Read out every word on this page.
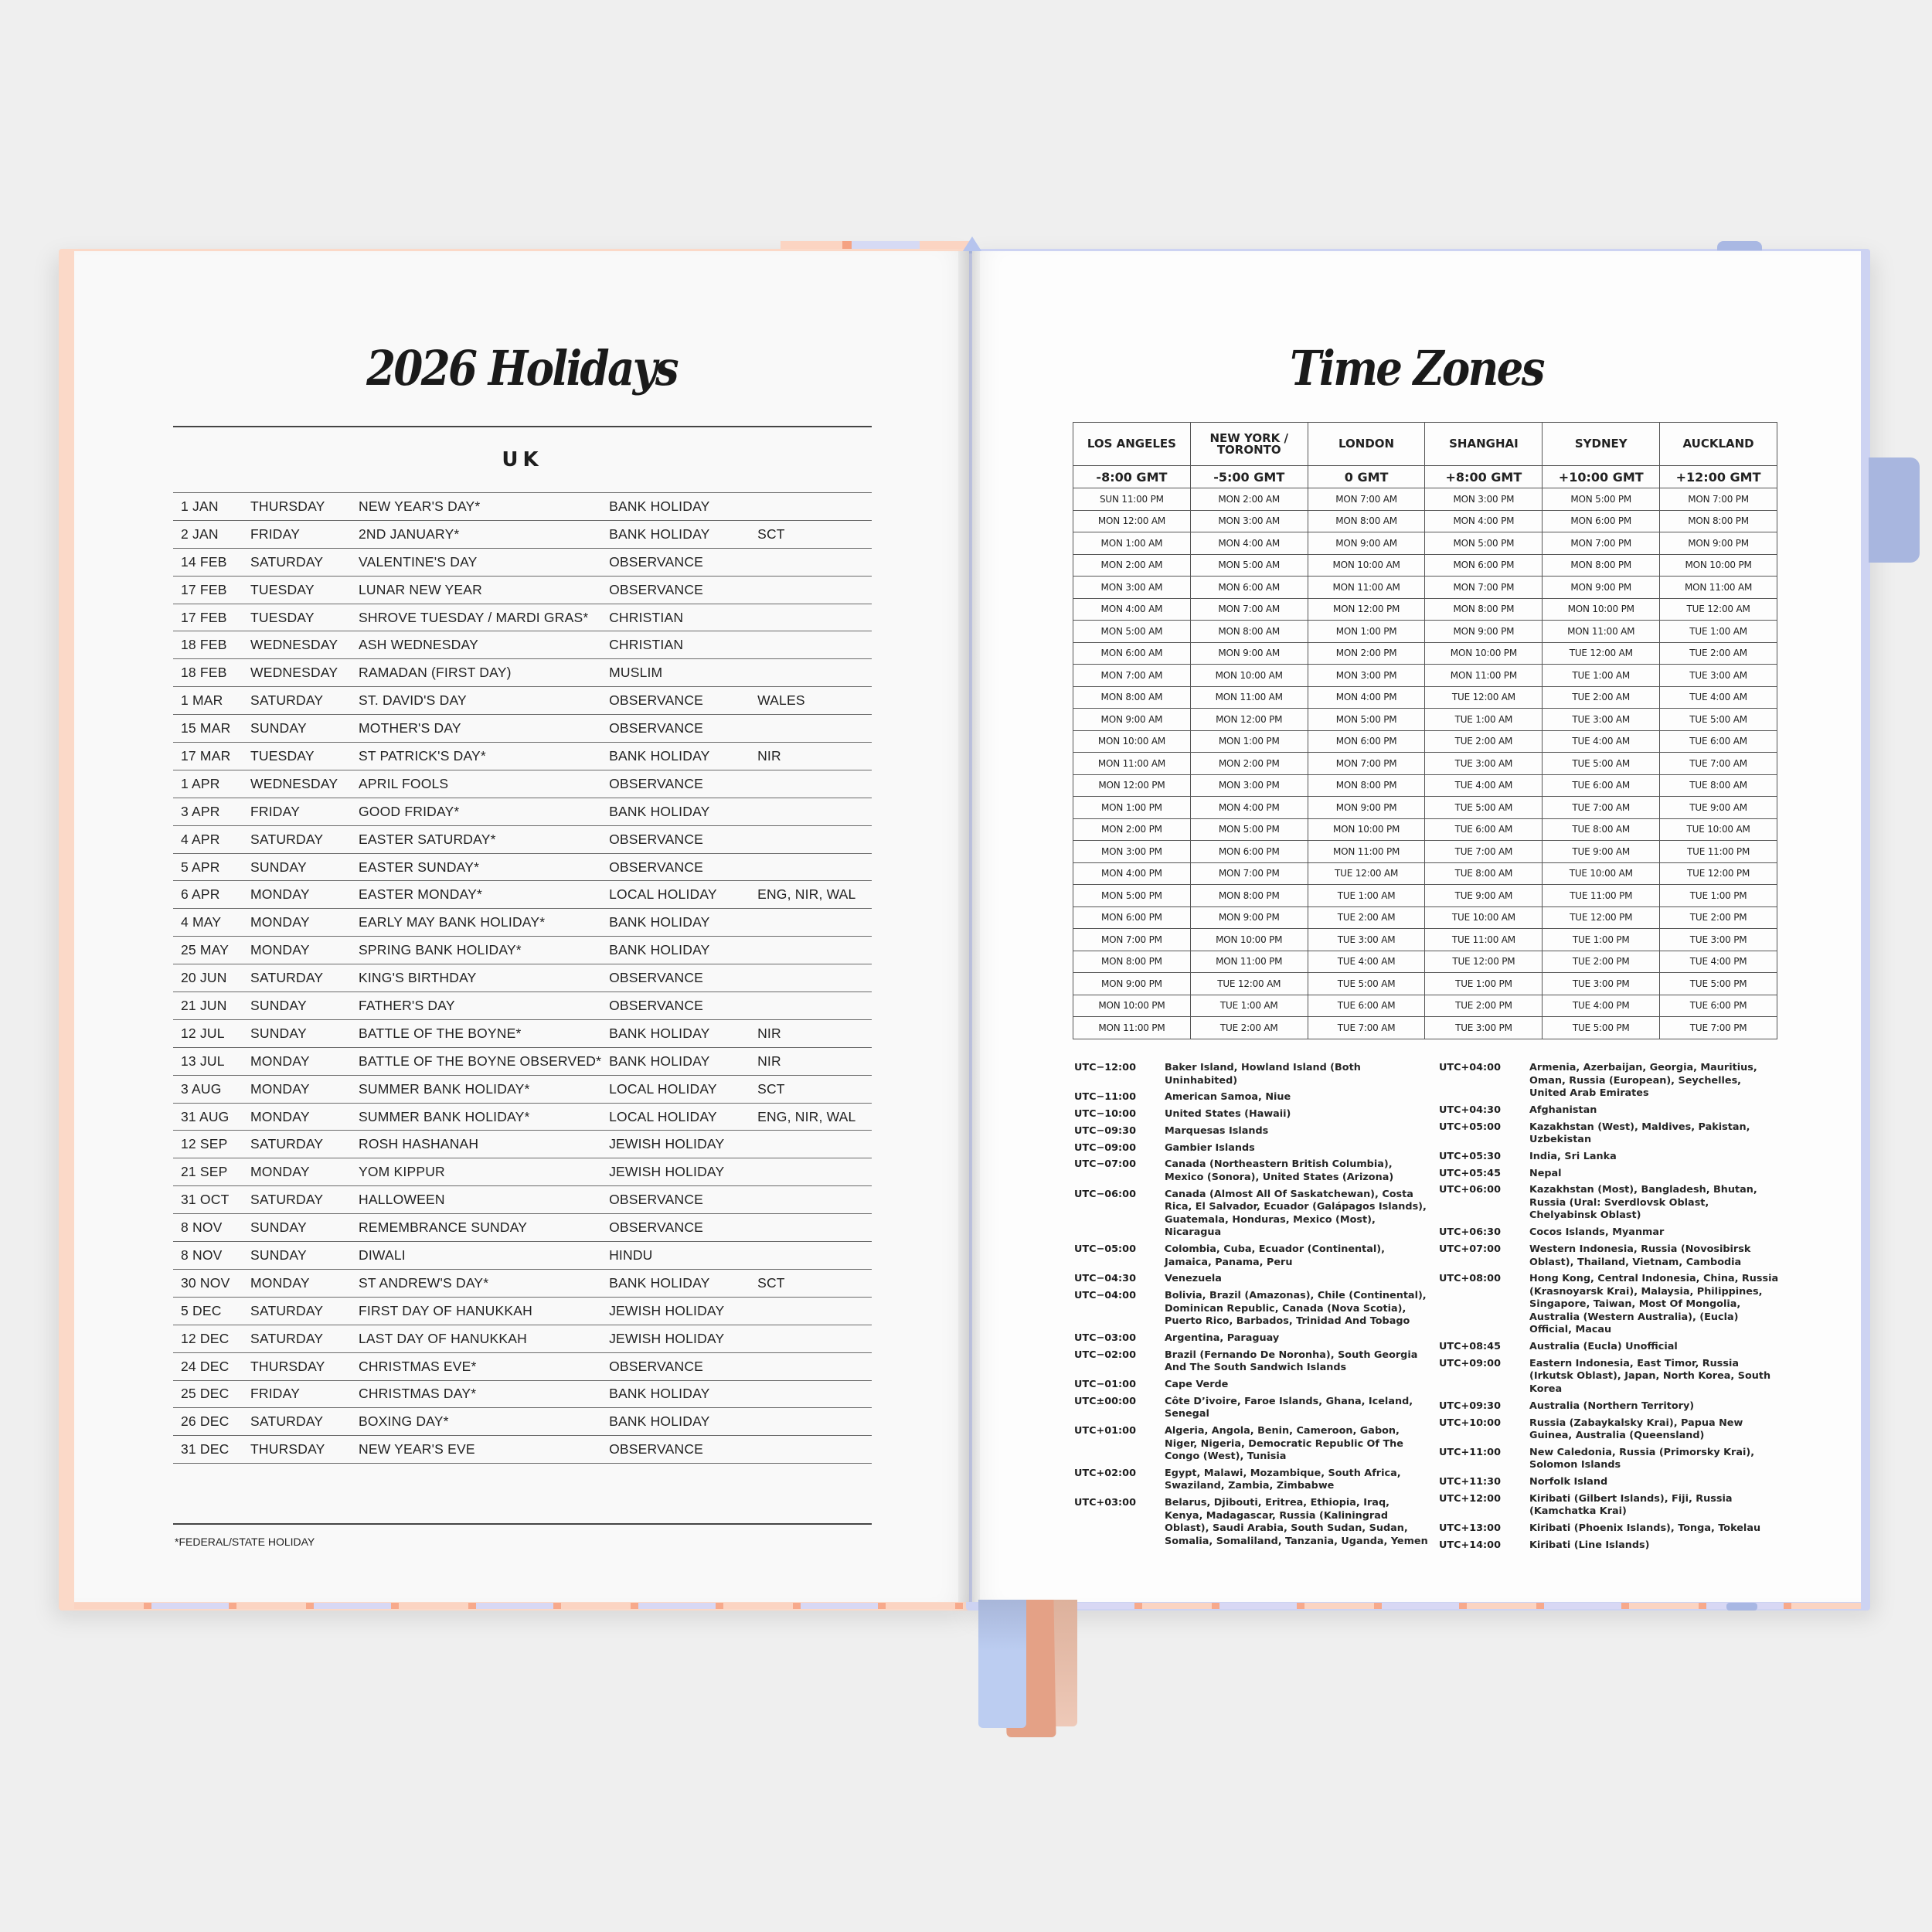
2026 Holidays
UK
1 JAN	THURSDAY	NEW YEAR'S DAY*	BANK HOLIDAY	
2 JAN	FRIDAY	2ND JANUARY*	BANK HOLIDAY	SCT
14 FEB	SATURDAY	VALENTINE'S DAY	OBSERVANCE	
17 FEB	TUESDAY	LUNAR NEW YEAR	OBSERVANCE	
17 FEB	TUESDAY	SHROVE TUESDAY / MARDI GRAS*	CHRISTIAN	
18 FEB	WEDNESDAY	ASH WEDNESDAY	CHRISTIAN	
18 FEB	WEDNESDAY	RAMADAN (FIRST DAY)	MUSLIM	
1 MAR	SATURDAY	ST. DAVID'S DAY	OBSERVANCE	WALES
15 MAR	SUNDAY	MOTHER'S DAY	OBSERVANCE	
17 MAR	TUESDAY	ST PATRICK'S DAY*	BANK HOLIDAY	NIR
1 APR	WEDNESDAY	APRIL FOOLS	OBSERVANCE	
3 APR	FRIDAY	GOOD FRIDAY*	BANK HOLIDAY	
4 APR	SATURDAY	EASTER SATURDAY*	OBSERVANCE	
5 APR	SUNDAY	EASTER SUNDAY*	OBSERVANCE	
6 APR	MONDAY	EASTER MONDAY*	LOCAL HOLIDAY	ENG, NIR, WAL
4 MAY	MONDAY	EARLY MAY BANK HOLIDAY*	BANK HOLIDAY	
25 MAY	MONDAY	SPRING BANK HOLIDAY*	BANK HOLIDAY	
20 JUN	SATURDAY	KING'S BIRTHDAY	OBSERVANCE	
21 JUN	SUNDAY	FATHER'S DAY	OBSERVANCE	
12 JUL	SUNDAY	BATTLE OF THE BOYNE*	BANK HOLIDAY	NIR
13 JUL	MONDAY	BATTLE OF THE BOYNE OBSERVED*	BANK HOLIDAY	NIR
3 AUG	MONDAY	SUMMER BANK HOLIDAY*	LOCAL HOLIDAY	SCT
31 AUG	MONDAY	SUMMER BANK HOLIDAY*	LOCAL HOLIDAY	ENG, NIR, WAL
12 SEP	SATURDAY	ROSH HASHANAH	JEWISH HOLIDAY	
21 SEP	MONDAY	YOM KIPPUR	JEWISH HOLIDAY	
31 OCT	SATURDAY	HALLOWEEN	OBSERVANCE	
8 NOV	SUNDAY	REMEMBRANCE SUNDAY	OBSERVANCE	
8 NOV	SUNDAY	DIWALI	HINDU	
30 NOV	MONDAY	ST ANDREW'S DAY*	BANK HOLIDAY	SCT
5 DEC	SATURDAY	FIRST DAY OF HANUKKAH	JEWISH HOLIDAY	
12 DEC	SATURDAY	LAST DAY OF HANUKKAH	JEWISH HOLIDAY	
24 DEC	THURSDAY	CHRISTMAS EVE*	OBSERVANCE	
25 DEC	FRIDAY	CHRISTMAS DAY*	BANK HOLIDAY	
26 DEC	SATURDAY	BOXING DAY*	BANK HOLIDAY	
31 DEC	THURSDAY	NEW YEAR'S EVE	OBSERVANCE	
*FEDERAL/STATE HOLIDAY
Time Zones
LOS ANGELES	NEW YORK / TORONTO	LONDON	SHANGHAI	SYDNEY	AUCKLAND
-8:00 GMT	-5:00 GMT	0 GMT	+8:00 GMT	+10:00 GMT	+12:00 GMT
SUN 11:00 PM	MON 2:00 AM	MON 7:00 AM	MON 3:00 PM	MON 5:00 PM	MON 7:00 PM
MON 12:00 AM	MON 3:00 AM	MON 8:00 AM	MON 4:00 PM	MON 6:00 PM	MON 8:00 PM
MON 1:00 AM	MON 4:00 AM	MON 9:00 AM	MON 5:00 PM	MON 7:00 PM	MON 9:00 PM
MON 2:00 AM	MON 5:00 AM	MON 10:00 AM	MON 6:00 PM	MON 8:00 PM	MON 10:00 PM
MON 3:00 AM	MON 6:00 AM	MON 11:00 AM	MON 7:00 PM	MON 9:00 PM	MON 11:00 AM
MON 4:00 AM	MON 7:00 AM	MON 12:00 PM	MON 8:00 PM	MON 10:00 PM	TUE 12:00 AM
MON 5:00 AM	MON 8:00 AM	MON 1:00 PM	MON 9:00 PM	MON 11:00 AM	TUE 1:00 AM
MON 6:00 AM	MON 9:00 AM	MON 2:00 PM	MON 10:00 PM	TUE 12:00 AM	TUE 2:00 AM
MON 7:00 AM	MON 10:00 AM	MON 3:00 PM	MON 11:00 PM	TUE 1:00 AM	TUE 3:00 AM
MON 8:00 AM	MON 11:00 AM	MON 4:00 PM	TUE 12:00 AM	TUE 2:00 AM	TUE 4:00 AM
MON 9:00 AM	MON 12:00 PM	MON 5:00 PM	TUE 1:00 AM	TUE 3:00 AM	TUE 5:00 AM
MON 10:00 AM	MON 1:00 PM	MON 6:00 PM	TUE 2:00 AM	TUE 4:00 AM	TUE 6:00 AM
MON 11:00 AM	MON 2:00 PM	MON 7:00 PM	TUE 3:00 AM	TUE 5:00 AM	TUE 7:00 AM
MON 12:00 PM	MON 3:00 PM	MON 8:00 PM	TUE 4:00 AM	TUE 6:00 AM	TUE 8:00 AM
MON 1:00 PM	MON 4:00 PM	MON 9:00 PM	TUE 5:00 AM	TUE 7:00 AM	TUE 9:00 AM
MON 2:00 PM	MON 5:00 PM	MON 10:00 PM	TUE 6:00 AM	TUE 8:00 AM	TUE 10:00 AM
MON 3:00 PM	MON 6:00 PM	MON 11:00 PM	TUE 7:00 AM	TUE 9:00 AM	TUE 11:00 PM
MON 4:00 PM	MON 7:00 PM	TUE 12:00 AM	TUE 8:00 AM	TUE 10:00 AM	TUE 12:00 PM
MON 5:00 PM	MON 8:00 PM	TUE 1:00 AM	TUE 9:00 AM	TUE 11:00 PM	TUE 1:00 PM
MON 6:00 PM	MON 9:00 PM	TUE 2:00 AM	TUE 10:00 AM	TUE 12:00 PM	TUE 2:00 PM
MON 7:00 PM	MON 10:00 PM	TUE 3:00 AM	TUE 11:00 AM	TUE 1:00 PM	TUE 3:00 PM
MON 8:00 PM	MON 11:00 PM	TUE 4:00 AM	TUE 12:00 PM	TUE 2:00 PM	TUE 4:00 PM
MON 9:00 PM	TUE 12:00 AM	TUE 5:00 AM	TUE 1:00 PM	TUE 3:00 PM	TUE 5:00 PM
MON 10:00 PM	TUE 1:00 AM	TUE 6:00 AM	TUE 2:00 PM	TUE 4:00 PM	TUE 6:00 PM
MON 11:00 PM	TUE 2:00 AM	TUE 7:00 AM	TUE 3:00 PM	TUE 5:00 PM	TUE 7:00 PM
UTC−12:00	Baker Island, Howland Island (Both Uninhabited)
UTC−11:00	American Samoa, Niue
UTC−10:00	United States (Hawaii)
UTC−09:30	Marquesas Islands
UTC−09:00	Gambier Islands
UTC−07:00	Canada (Northeastern British Columbia), Mexico (Sonora), United States (Arizona)
UTC−06:00	Canada (Almost All Of Saskatchewan), Costa Rica, El Salvador, Ecuador (Galápagos Islands), Guatemala, Honduras, Mexico (Most), Nicaragua
UTC−05:00	Colombia, Cuba, Ecuador (Continental), Jamaica, Panama, Peru
UTC−04:30	Venezuela
UTC−04:00	Bolivia, Brazil (Amazonas), Chile (Continental), Dominican Republic, Canada (Nova Scotia), Puerto Rico, Barbados, Trinidad And Tobago
UTC−03:00	Argentina, Paraguay
UTC−02:00	Brazil (Fernando De Noronha), South Georgia And The South Sandwich Islands
UTC−01:00	Cape Verde
UTC±00:00	Côte D’ivoire, Faroe Islands, Ghana, Iceland, Senegal
UTC+01:00	Algeria, Angola, Benin, Cameroon, Gabon, Niger, Nigeria, Democratic Republic Of The Congo (West), Tunisia
UTC+02:00	Egypt, Malawi, Mozambique, South Africa, Swaziland, Zambia, Zimbabwe
UTC+03:00	Belarus, Djibouti, Eritrea, Ethiopia, Iraq, Kenya, Madagascar, Russia (Kaliningrad Oblast), Saudi Arabia, South Sudan, Sudan, Somalia, Somaliland, Tanzania, Uganda, Yemen
UTC+04:00	Armenia, Azerbaijan, Georgia, Mauritius, Oman, Russia (European), Seychelles, United Arab Emirates
UTC+04:30	Afghanistan
UTC+05:00	Kazakhstan (West), Maldives, Pakistan, Uzbekistan
UTC+05:30	India, Sri Lanka
UTC+05:45	Nepal
UTC+06:00	Kazakhstan (Most), Bangladesh, Bhutan, Russia (Ural: Sverdlovsk Oblast, Chelyabinsk Oblast)
UTC+06:30	Cocos Islands, Myanmar
UTC+07:00	Western Indonesia, Russia (Novosibirsk Oblast), Thailand, Vietnam, Cambodia
UTC+08:00	Hong Kong, Central Indonesia, China, Russia (Krasnoyarsk Krai), Malaysia, Philippines, Singapore, Taiwan, Most Of Mongolia, Australia (Western Australia), (Eucla) Official, Macau
UTC+08:45	Australia (Eucla) Unofficial
UTC+09:00	Eastern Indonesia, East Timor, Russia (Irkutsk Oblast), Japan, North Korea, South Korea
UTC+09:30	Australia (Northern Territory)
UTC+10:00	Russia (Zabaykalsky Krai), Papua New Guinea, Australia (Queensland)
UTC+11:00	New Caledonia, Russia (Primorsky Krai), Solomon Islands
UTC+11:30	Norfolk Island
UTC+12:00	Kiribati (Gilbert Islands), Fiji, Russia (Kamchatka Krai)
UTC+13:00	Kiribati (Phoenix Islands), Tonga, Tokelau
UTC+14:00	Kiribati (Line Islands)
